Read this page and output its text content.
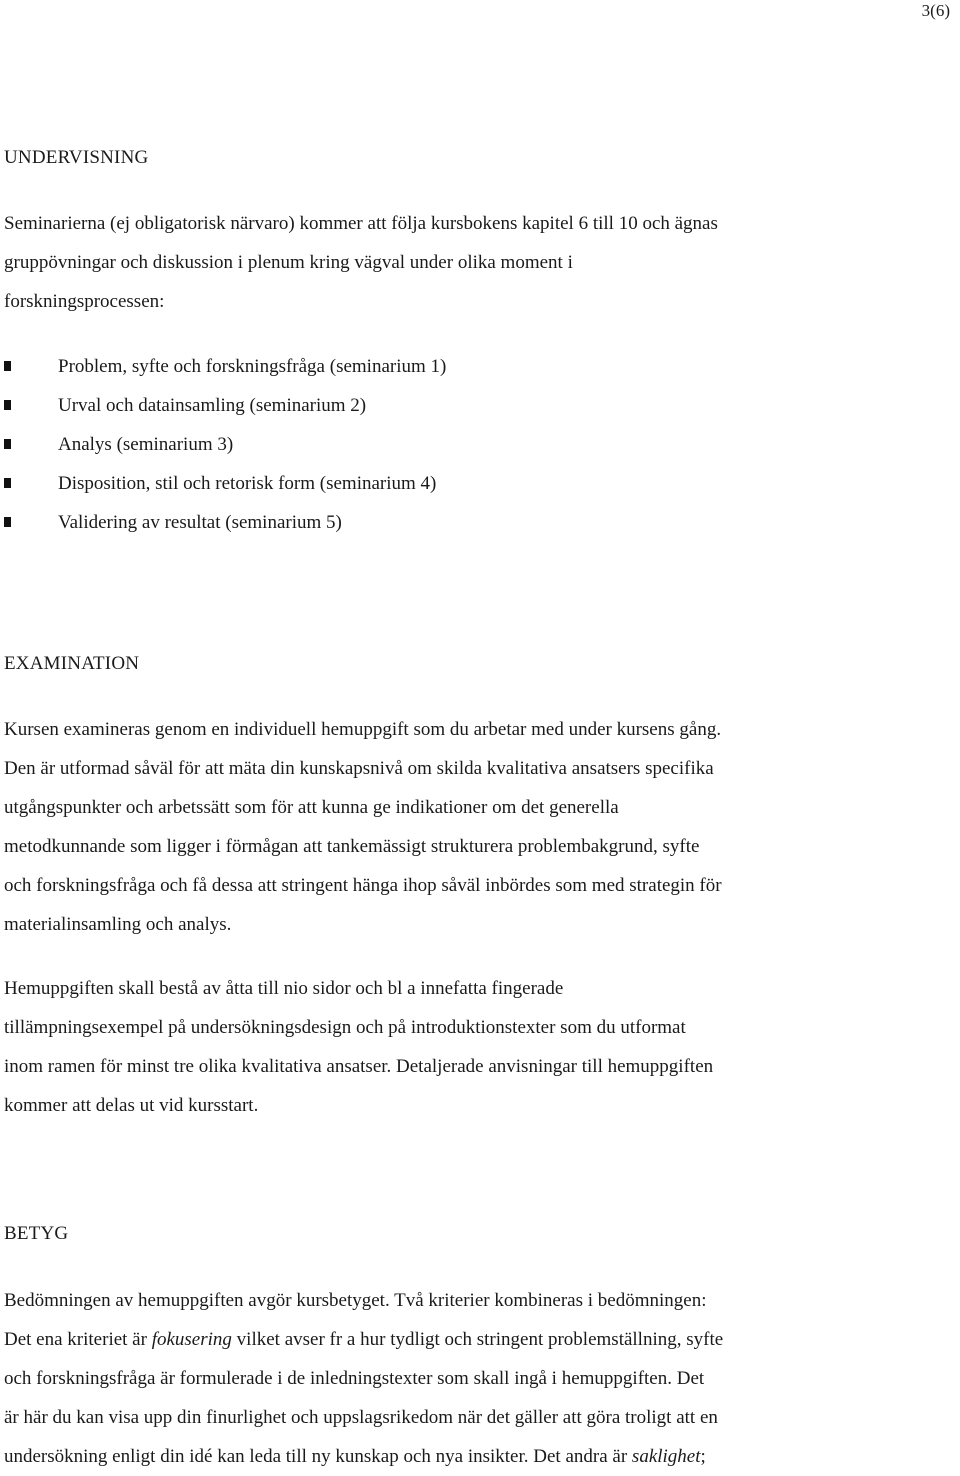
3(6)
UNDERVISNING
Seminarierna (ej obligatorisk närvaro) kommer att följa kursbokens kapitel 6 till 10 och ägnas
gruppövningar och diskussion i plenum kring vägval under olika moment i
forskningsprocessen:
Problem, syfte och forskningsfråga (seminarium 1)
Urval och datainsamling (seminarium 2)
Analys (seminarium 3)
Disposition, stil och retorisk form (seminarium 4)
Validering av resultat (seminarium 5)
EXAMINATION
Kursen examineras genom en individuell hemuppgift som du arbetar med under kursens gång.
Den är utformad såväl för att mäta din kunskapsnivå om skilda kvalitativa ansatsers specifika
utgångspunkter och arbetssätt som för att kunna ge indikationer om det generella
metodkunnande som ligger i förmågan att tankemässigt strukturera problembakgrund, syfte
och forskningsfråga och få dessa att stringent hänga ihop såväl inbördes som med strategin för
materialinsamling och analys.
Hemuppgiften skall bestå av åtta till nio sidor och bl a innefatta fingerade
tillämpningsexempel på undersökningsdesign och på introduktionstexter som du utformat
inom ramen för minst tre olika kvalitativa ansatser. Detaljerade anvisningar till hemuppgiften
kommer att delas ut vid kursstart.
BETYG
Bedömningen av hemuppgiften avgör kursbetyget. Två kriterier kombineras i bedömningen:
Det ena kriteriet är fokusering vilket avser fr a hur tydligt och stringent problemställning, syfte
och forskningsfråga är formulerade i de inledningstexter som skall ingå i hemuppgiften. Det
är här du kan visa upp din finurlighet och uppslagsrikedom när det gäller att göra troligt att en
undersökning enligt din idé kan leda till ny kunskap och nya insikter. Det andra är saklighet;
